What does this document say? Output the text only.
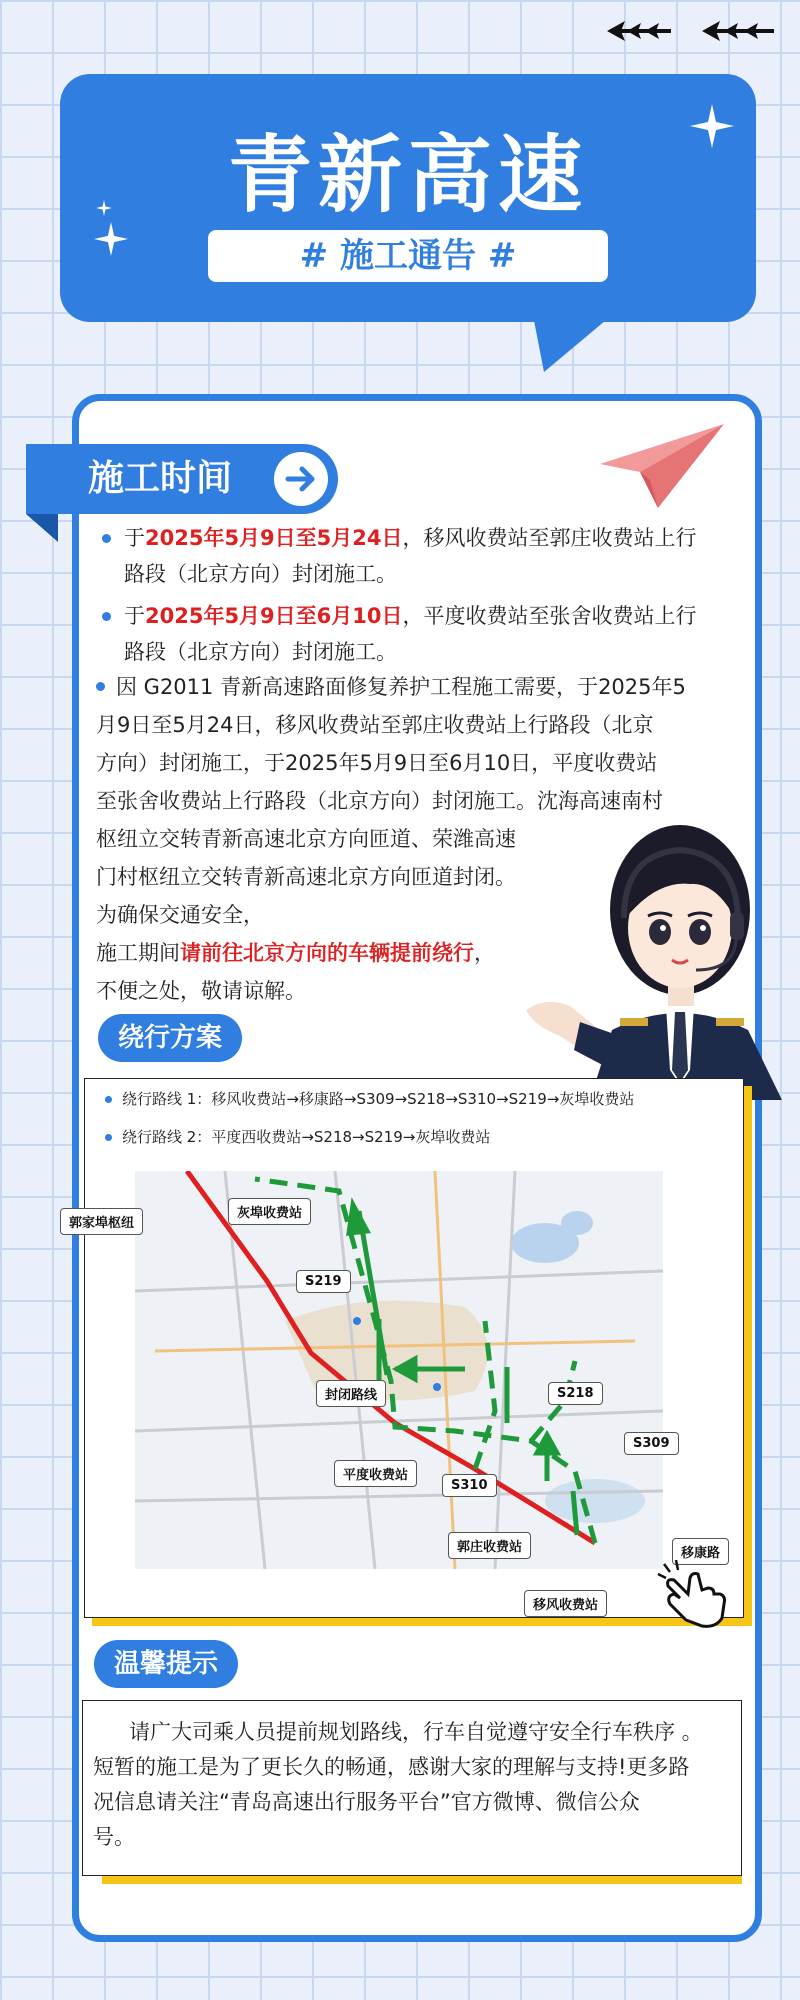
青新高速
# 施工通告 #
施工时间
于2025年5月9日至5月24日，移风收费站至郭庄收费站上行
路段（北京方向）封闭施工。
于2025年5月9日至6月10日，平度收费站至张舍收费站上行
路段（北京方向）封闭施工。
因 G2011 青新高速路面修复养护工程施工需要，于2025年5
月9日至5月24日，移风收费站至郭庄收费站上行路段（北京
方向）封闭施工，于2025年5月9日至6月10日，平度收费站
至张舍收费站上行路段（北京方向）封闭施工。沈海高速南村
枢纽立交转青新高速北京方向匝道、荣潍高速
门村枢纽立交转青新高速北京方向匝道封闭。
为确保交通安全，
施工期间请前往北京方向的车辆提前绕行，
不便之处，敬请谅解。
绕行方案
绕行路线 1：移风收费站→移康路→S309→S218→S310→S219→灰埠收费站
绕行路线 2：平度西收费站→S218→S219→灰埠收费站
郭家埠枢纽
灰埠收费站
S219
封闭路线	S218
S309
平度收费站
S310
郭庄收费站	移康路
移风收费站
温馨提示
请广大司乘人员提前规划路线，行车自觉遵守安全行车秩序 。
短暂的施工是为了更长久的畅通，感谢大家的理解与支持!更多路
况信息请关注“青岛高速出行服务平台”官方微博、微信公众
号。
